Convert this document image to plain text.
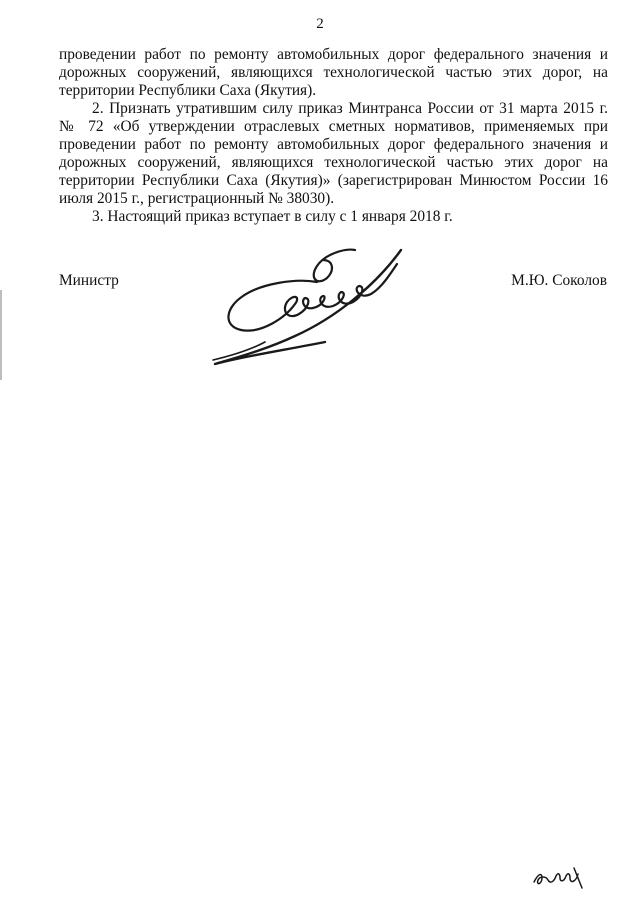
2

проведении работ по ремонту автомобильных дорог федерального значения и дорожных сооружений, являющихся технологической частью этих дорог, на территории Республики Саха (Якутия).

2. Признать утратившим силу приказ Минтранса России от 31 марта 2015 г. № 72 «Об утверждении отраслевых сметных нормативов, применяемых при проведении работ по ремонту автомобильных дорог федерального значения и дорожных сооружений, являющихся технологической частью этих дорог на территории Республики Саха (Якутия)» (зарегистрирован Минюстом России 16 июля 2015 г., регистрационный № 38030).

3. Настоящий приказ вступает в силу с 1 января 2018 г.

Министр	М.Ю. Соколов
